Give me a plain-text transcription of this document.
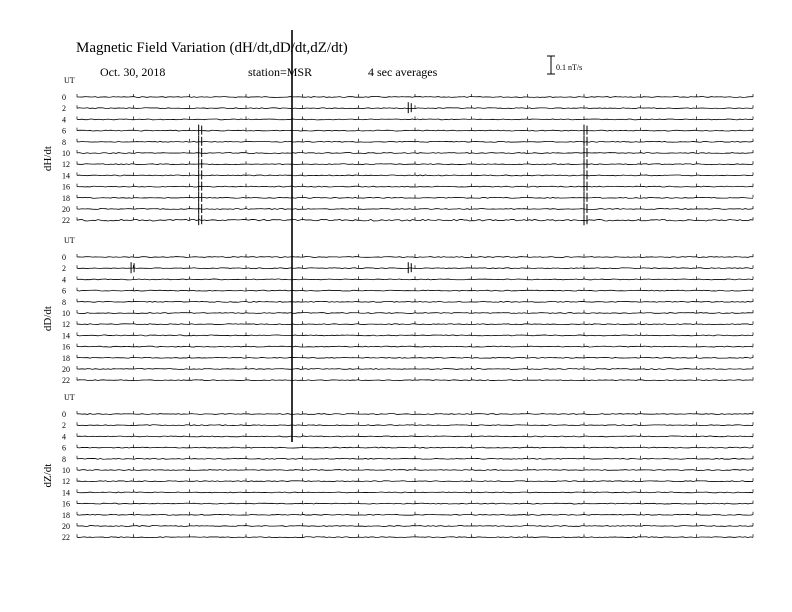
Magnetic Field Variation (dH/dt,dD/dt,dZ/dt)
Oct. 30, 2018	station=MSR	4 sec averages	0.1 nT/s
UT
dH/dt
0
2
4
6
8
10
12
14
16
18
20
22
UT
dD/dt
0
2
4
6
8
10
12
14
16
18
20
22
UT
dZ/dt
0
2
4
6
8
10
12
14
16
18
20
22
